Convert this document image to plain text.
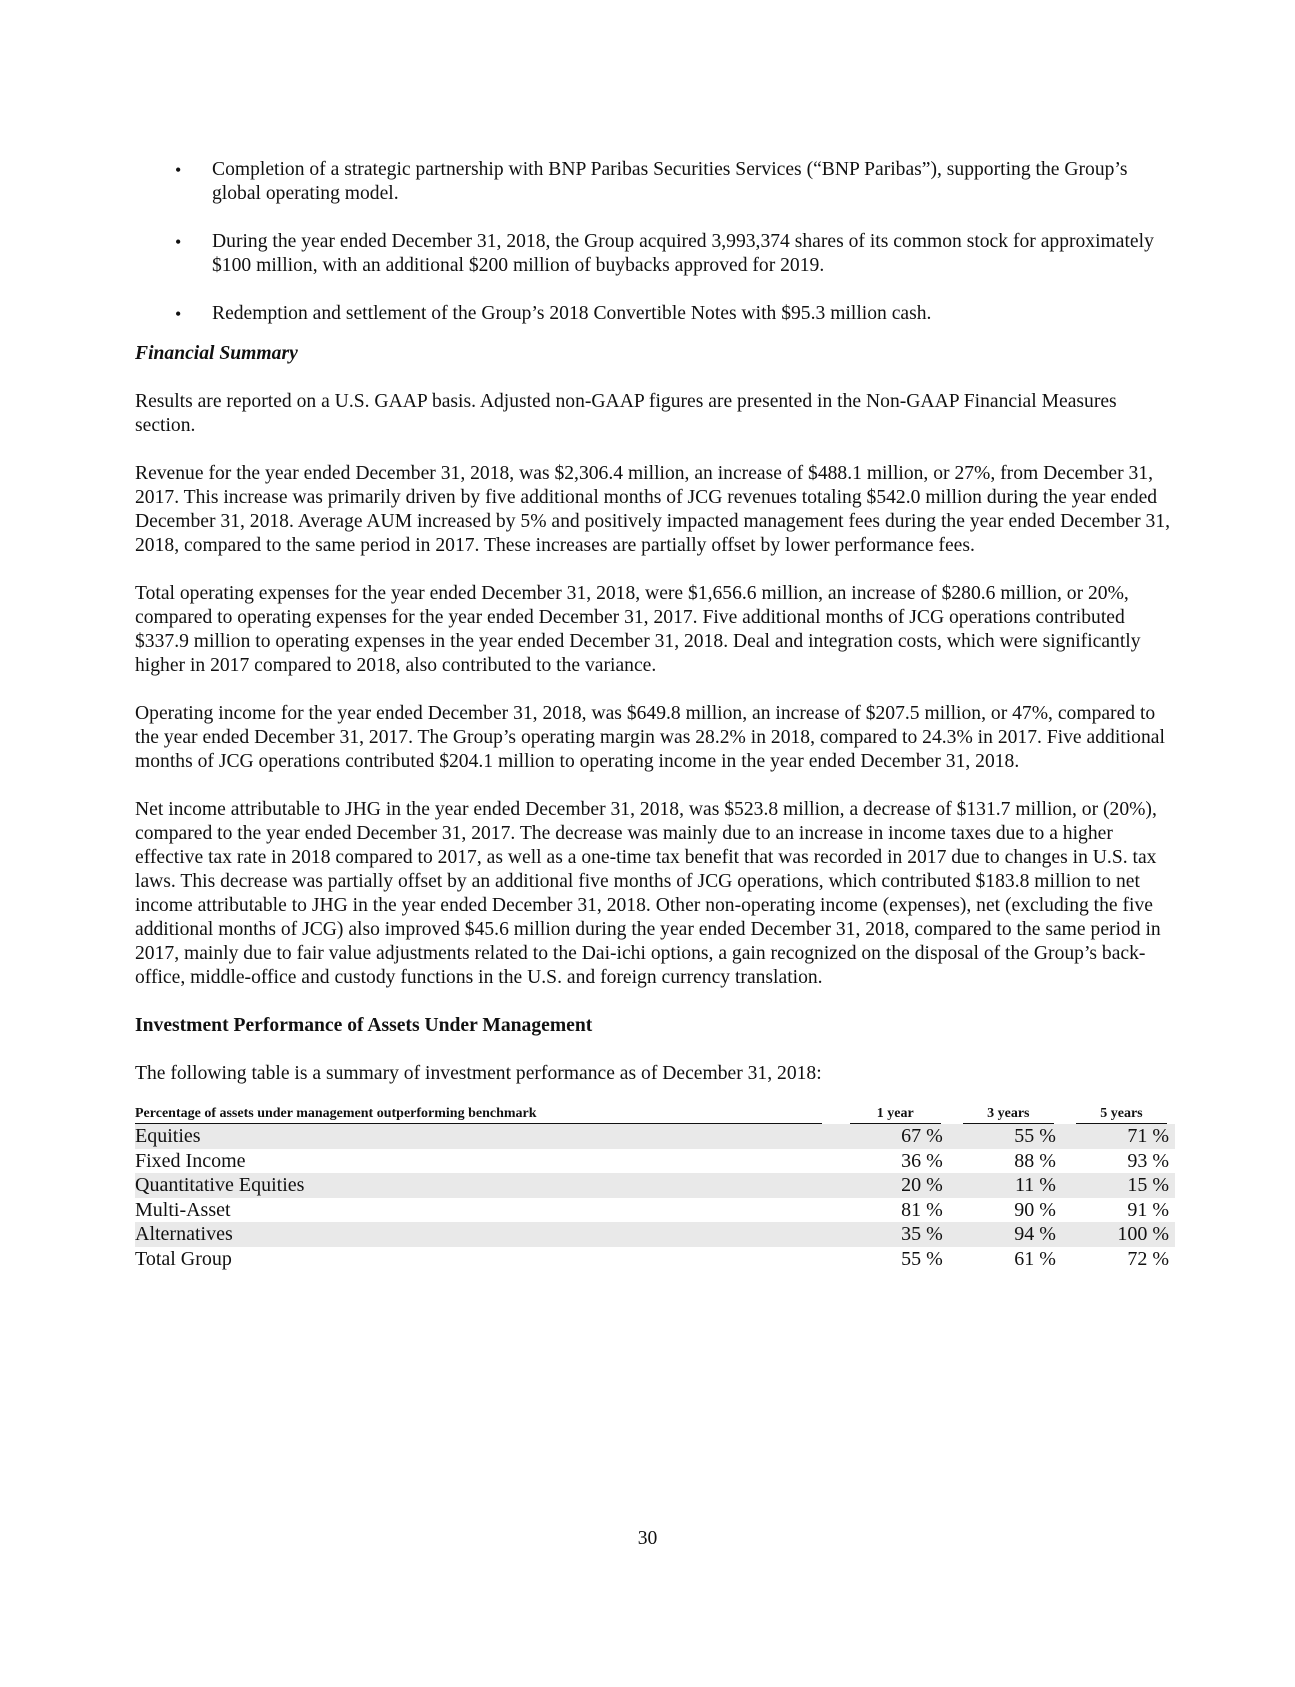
• Completion of a strategic partnership with BNP Paribas Securities Services (“BNP Paribas”), supporting the Group’s global operating model.
• During the year ended December 31, 2018, the Group acquired 3,993,374 shares of its common stock for approximately $100 million, with an additional $200 million of buybacks approved for 2019.
• Redemption and settlement of the Group’s 2018 Convertible Notes with $95.3 million cash.

Financial Summary

Results are reported on a U.S. GAAP basis. Adjusted non-GAAP figures are presented in the Non-GAAP Financial Measures section.

Revenue for the year ended December 31, 2018, was $2,306.4 million, an increase of $488.1 million, or 27%, from December 31, 2017. This increase was primarily driven by five additional months of JCG revenues totaling $542.0 million during the year ended December 31, 2018. Average AUM increased by 5% and positively impacted management fees during the year ended December 31, 2018, compared to the same period in 2017. These increases are partially offset by lower performance fees.

Total operating expenses for the year ended December 31, 2018, were $1,656.6 million, an increase of $280.6 million, or 20%, compared to operating expenses for the year ended December 31, 2017. Five additional months of JCG operations contributed $337.9 million to operating expenses in the year ended December 31, 2018. Deal and integration costs, which were significantly higher in 2017 compared to 2018, also contributed to the variance.

Operating income for the year ended December 31, 2018, was $649.8 million, an increase of $207.5 million, or 47%, compared to the year ended December 31, 2017. The Group’s operating margin was 28.2% in 2018, compared to 24.3% in 2017. Five additional months of JCG operations contributed $204.1 million to operating income in the year ended December 31, 2018.

Net income attributable to JHG in the year ended December 31, 2018, was $523.8 million, a decrease of $131.7 million, or (20%), compared to the year ended December 31, 2017. The decrease was mainly due to an increase in income taxes due to a higher effective tax rate in 2018 compared to 2017, as well as a one-time tax benefit that was recorded in 2017 due to changes in U.S. tax laws. This decrease was partially offset by an additional five months of JCG operations, which contributed $183.8 million to net income attributable to JHG in the year ended December 31, 2018. Other non-operating income (expenses), net (excluding the five additional months of JCG) also improved $45.6 million during the year ended December 31, 2018, compared to the same period in 2017, mainly due to fair value adjustments related to the Dai-ichi options, a gain recognized on the disposal of the Group’s back-office, middle-office and custody functions in the U.S. and foreign currency translation.

Investment Performance of Assets Under Management

The following table is a summary of investment performance as of December 31, 2018:

Percentage of assets under management outperforming benchmark	1 year	3 years	5 years

Equities	67 %	55 %	71 %
Fixed Income	36 %	88 %	93 %
Quantitative Equities	20 %	11 %	15 %
Multi-Asset	81 %	90 %	91 %
Alternatives	35 %	94 %	100 %
Total Group	55 %	61 %	72 %
30
